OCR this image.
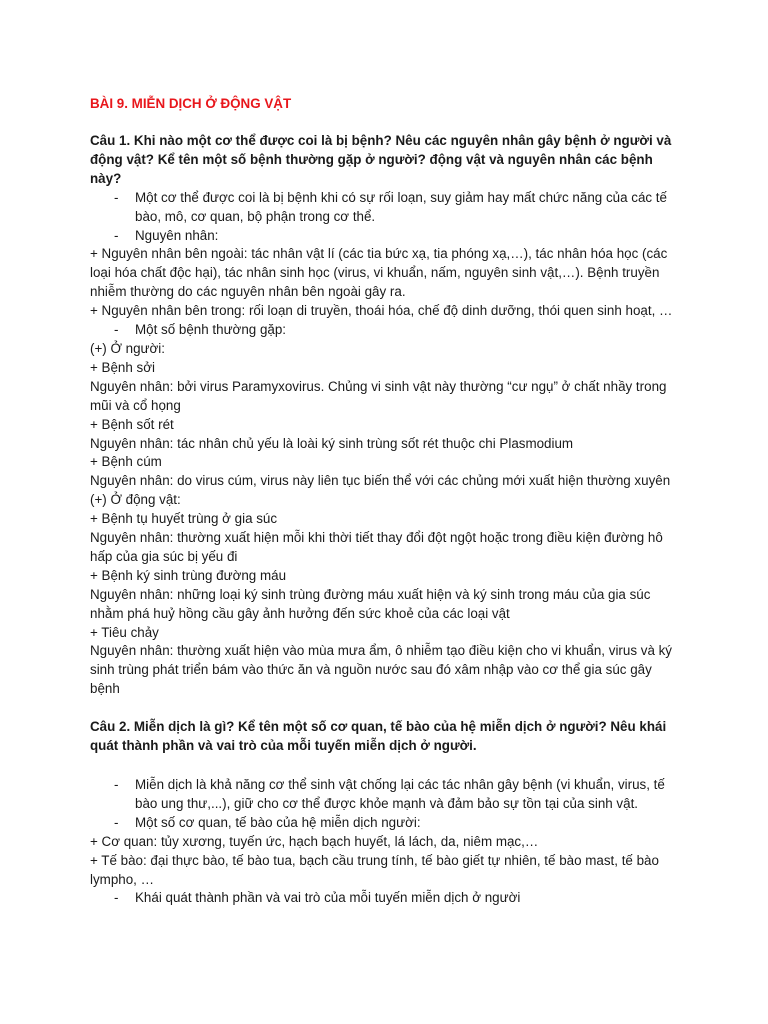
BÀI 9. MIỄN DỊCH Ở ĐỘNG VẬT

Câu 1. Khi nào một cơ thể được coi là bị bệnh? Nêu các nguyên nhân gây bệnh ở người và động vật? Kể tên một số bệnh thường gặp ở người? động vật và nguyên nhân các bệnh này?

- Một cơ thể được coi là bị bệnh khi có sự rối loạn, suy giảm hay mất chức năng của các tế bào, mô, cơ quan, bộ phận trong cơ thể.
- Nguyên nhân:

+ Nguyên nhân bên ngoài: tác nhân vật lí (các tia bức xạ, tia phóng xạ,…), tác nhân hóa học (các loại hóa chất độc hại), tác nhân sinh học (virus, vi khuẩn, nấm, nguyên sinh vật,…). Bệnh truyền nhiễm thường do các nguyên nhân bên ngoài gây ra.

+ Nguyên nhân bên trong: rối loạn di truyền, thoái hóa, chế độ dinh dưỡng, thói quen sinh hoạt, …

- Một số bệnh thường gặp:

(+) Ở người:

+ Bệnh sởi

Nguyên nhân: bởi virus Paramyxovirus. Chủng vi sinh vật này thường “cư ngụ” ở chất nhầy trong mũi và cổ họng

+ Bệnh sốt rét

Nguyên nhân: tác nhân chủ yếu là loài ký sinh trùng sốt rét thuộc chi Plasmodium

+ Bệnh cúm

Nguyên nhân: do virus cúm, virus này liên tục biến thể với các chủng mới xuất hiện thường xuyên

(+) Ở động vật:

+ Bệnh tụ huyết trùng ở gia súc

Nguyên nhân: thường xuất hiện mỗi khi thời tiết thay đổi đột ngột hoặc trong điều kiện đường hô hấp của gia súc bị yếu đi

+ Bệnh ký sinh trùng đường máu

Nguyên nhân: những loại ký sinh trùng đường máu xuất hiện và ký sinh trong máu của gia súc nhằm phá huỷ hồng cầu gây ảnh hưởng đến sức khoẻ của các loại vật

+ Tiêu chảy

Nguyên nhân: thường xuất hiện vào mùa mưa ẩm, ô nhiễm tạo điều kiện cho vi khuẩn, virus và ký sinh trùng phát triển bám vào thức ăn và nguồn nước sau đó xâm nhập vào cơ thể gia súc gây bệnh

Câu 2. Miễn dịch là gì? Kể tên một số cơ quan, tế bào của hệ miễn dịch ở người? Nêu khái quát thành phần và vai trò của mỗi tuyến miễn dịch ở người.

- Miễn dịch là khả năng cơ thể sinh vật chống lại các tác nhân gây bệnh (vi khuẩn, virus, tế bào ung thư,...), giữ cho cơ thể được khỏe mạnh và đảm bảo sự tồn tại của sinh vật.
- Một số cơ quan, tế bào của hệ miễn dịch người:

+ Cơ quan: tủy xương, tuyến ức, hạch bạch huyết, lá lách, da, niêm mạc,…

+ Tế bào: đại thực bào, tế bào tua, bạch cầu trung tính, tế bào giết tự nhiên, tế bào mast, tế bào lympho, …

- Khái quát thành phần và vai trò của mỗi tuyến miễn dịch ở người
